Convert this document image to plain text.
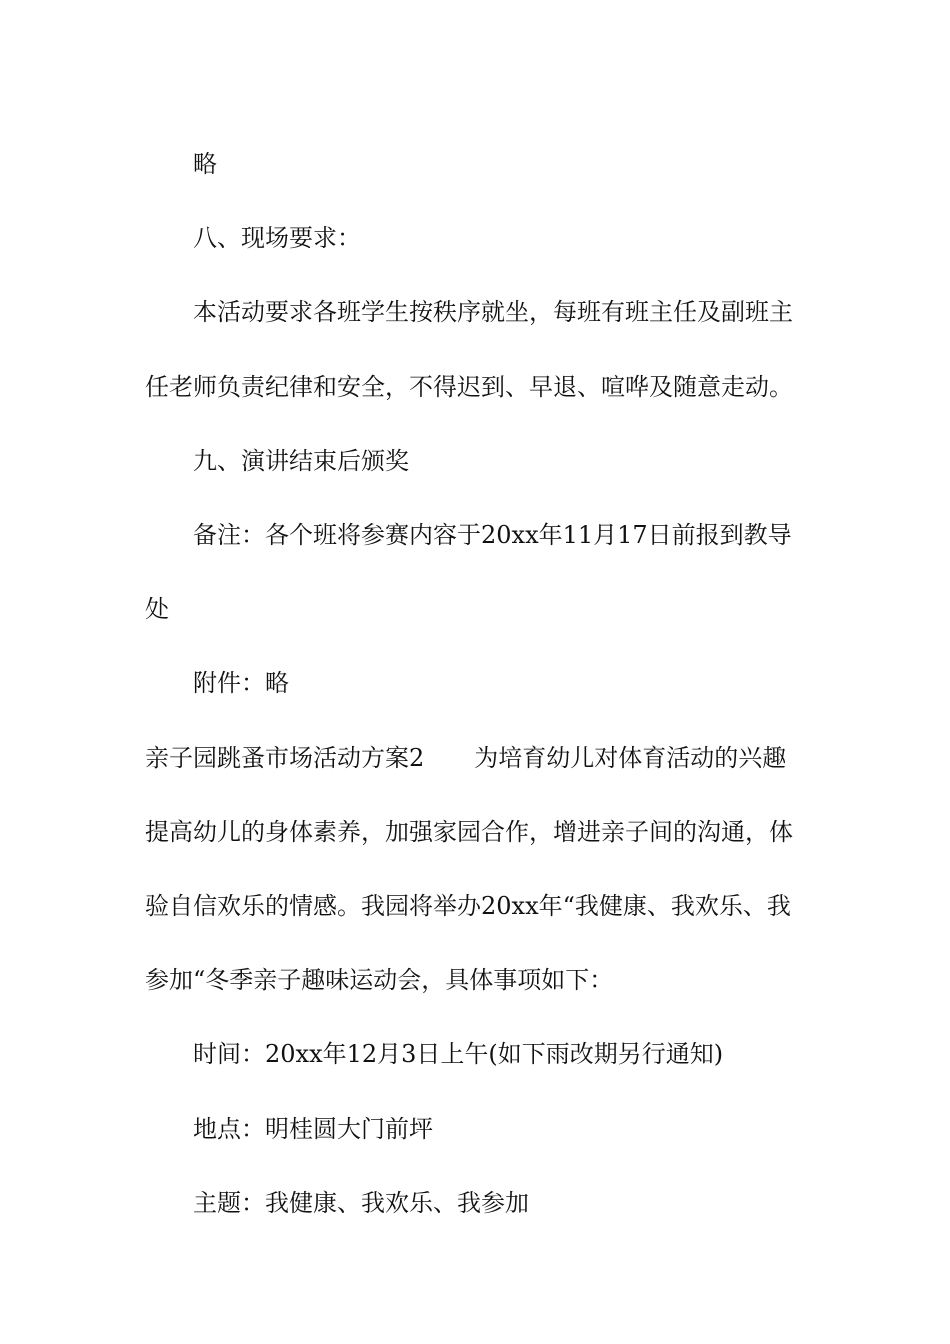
略

八、现场要求：

本活动要求各班学生按秩序就坐，每班有班主任及副班主

任老师负责纪律和安全，不得迟到、早退、喧哗及随意走动。

九、演讲结束后颁奖

备注：各个班将参赛内容于20xx年11月17日前报到教导

处

附件：略

亲子园跳蚤市场活动方案2 为培育幼儿对体育活动的兴趣

提高幼儿的身体素养，加强家园合作，增进亲子间的沟通，体

验自信欢乐的情感。我园将举办20xx年“我健康、我欢乐、我

参加“冬季亲子趣味运动会，具体事项如下：

时间：20xx年12月3日上午(如下雨改期另行通知)

地点：明桂圆大门前坪

主题：我健康、我欢乐、我参加
